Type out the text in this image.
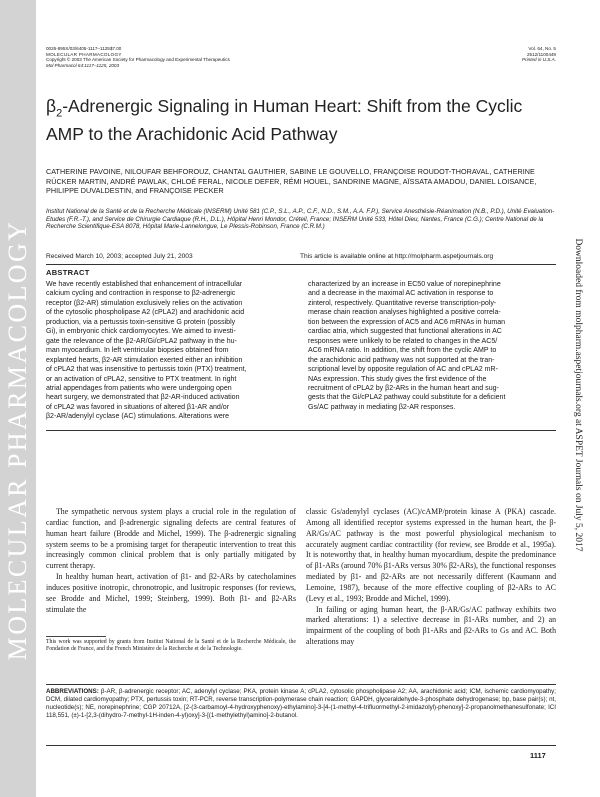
MOLECULAR PHARMACOLOGY
0026-895X/03/6405-1117–1125$7.00
MOLECULAR PHARMACOLOGY
Copyright © 2003 The American Society for Pharmacology and Experimental Therapeutics
Mol Pharmacol 64:1117–1125, 2003
Vol. 64, No. 5
2512/1100449
Printed in U.S.A.
$\beta_2$-Adrenergic Signaling in Human Heart: Shift from the Cyclic AMP to the Arachidonic Acid Pathway
CATHERINE PAVOINE, NILOUFAR BEHFOROUZ, CHANTAL GAUTHIER, SABINE LE GOUVELLO, FRANÇOISE ROUDOT-THORAVAL, CATHERINE RÜCKER MARTIN, ANDRÉ PAWLAK, CHLOÉ FERAL, NICOLE DEFER, RÉMI HOUEL, SANDRINE MAGNE, AÏSSATA AMADOU, DANIEL LOISANCE, PHILIPPE DUVALDESTIN, and FRANÇOISE PECKER
Institut National de la Santé et de la Recherche Médicale (INSERM) Unité 581 (C.P., S.L., A.P., C.F., N.D., S.M., A.A. F.P.), Service Anesthésie-Réanimation (N.B., P.D.), Unité Evaluation-Etudes (F.R.-T.), and Service de Chirurgie Cardiaque (R.H., D.L.), Hôpital Henri Mondor, Créteil, France; INSERM Unité 533, Hôtel Dieu, Nantes, France (C.G.); Centre National de la Recherche Scientifique-ESA 8078, Hôpital Marie-Lannelongue, Le Plessis-Robinson, France (C.R.M.)
Received March 10, 2003; accepted July 21, 2003	This article is available online at http://molpharm.aspetjournals.org
ABSTRACT
We have recently established that enhancement of intracellular
calcium cycling and contraction in response to β2-adrenergic
receptor (β2-AR) stimulation exclusively relies on the activation
of the cytosolic phospholipase A2 (cPLA2) and arachidonic acid
production, via a pertussis toxin-sensitive G protein (possibly
Gi), in embryonic chick cardiomyocytes. We aimed to investi-
gate the relevance of the β2-AR/Gi/cPLA2 pathway in the hu-
man myocardium. In left ventricular biopsies obtained from
explanted hearts, β2-AR stimulation exerted either an inhibition
of cPLA2 that was insensitive to pertussis toxin (PTX) treatment,
or an activation of cPLA2, sensitive to PTX treatment. In right
atrial appendages from patients who were undergoing open
heart surgery, we demonstrated that β2-AR-induced activation
of cPLA2 was favored in situations of altered β1-AR and/or
β2-AR/adenylyl cyclase (AC) stimulations. Alterations were
characterized by an increase in EC50 value of norepinephrine
and a decrease in the maximal AC activation in response to
zinterol, respectively. Quantitative reverse transcription-poly-
merase chain reaction analyses highlighted a positive correla-
tion between the expression of AC5 and AC6 mRNAs in human
cardiac atria, which suggested that functional alterations in AC
responses were unlikely to be related to changes in the AC5/
AC6 mRNA ratio. In addition, the shift from the cyclic AMP to
the arachidonic acid pathway was not supported at the tran-
scriptional level by opposite regulation of AC and cPLA2 mR-
NAs expression. This study gives the first evidence of the
recruitment of cPLA2 by β2-ARs in the human heart and sug-
gests that the Gi/cPLA2 pathway could substitute for a deficient
Gs/AC pathway in mediating β2-AR responses.

The sympathetic nervous system plays a crucial role in the regulation of cardiac function, and β-adrenergic signaling defects are central features of human heart failure (Brodde and Michel, 1999). The β-adrenergic signaling system seems to be a promising target for therapeutic intervention to treat this increasingly common clinical problem that is only partially mitigated by current therapy.

In healthy human heart, activation of β1- and β2-ARs by catecholamines induces positive inotropic, chronotropic, and lusitropic responses (for reviews, see Brodde and Michel, 1999; Steinberg, 1999). Both β1- and β2-ARs stimulate the

classic Gs/adenylyl cyclases (AC)/cAMP/protein kinase A (PKA) cascade. Among all identified receptor systems expressed in the human heart, the β-AR/Gs/AC pathway is the most powerful physiological mechanism to accurately augment cardiac contractility (for review, see Brodde et al., 1995a). It is noteworthy that, in healthy human myocardium, despite the predominance of β1-ARs (around 70% β1-ARs versus 30% β2-ARs), the functional responses mediated by β1- and β2-ARs are not necessarily different (Kaumann and Lemoine, 1987), because of the more effective coupling of β2-ARs to AC (Levy et al., 1993; Brodde and Michel, 1999).

In failing or aging human heart, the β-AR/Gs/AC pathway exhibits two marked alterations: 1) a selective decrease in β1-ARs number, and 2) an impairment of the coupling of both β1-ARs and β2-ARs to Gs and AC. Both alterations may

This work was supported by grants from Institut National de la Santé et de la Recherche Médicale, the Fondation de France, and the French Ministère de la Recherche et de la Technologie.
ABBREVIATIONS: β-AR, β-adrenergic receptor; AC, adenylyl cyclase; PKA, protein kinase A; cPLA2, cytosolic phospholipase A2; AA, arachidonic acid; ICM, ischemic cardiomyopathy; DCM, dilated cardiomyopathy; PTX, pertussis toxin; RT-PCR, reverse transcription-polymerase chain reaction; GAPDH, glyceraldehyde-3-phosphate dehydrogenase; bp, base pair(s); nt, nucleotide(s); NE, norepinephrine; CGP 20712A, [2-(3-carbamoyl-4-hydroxyphenoxy)-ethylamino]-3-[4-(1-methyl-4-trifluormethyl-2-imidazolyl)-phenoxy]-2-propanolmethanesulfonate; ICI 118,551, (±)-1-[2,3-(dihydro-7-methyl-1H-inden-4-yl)oxy]-3-[(1-methylethyl)amino]-2-butanol.
1117
Downloaded from molpharm.aspetjournals.org at ASPET Journals on July 5, 2017
